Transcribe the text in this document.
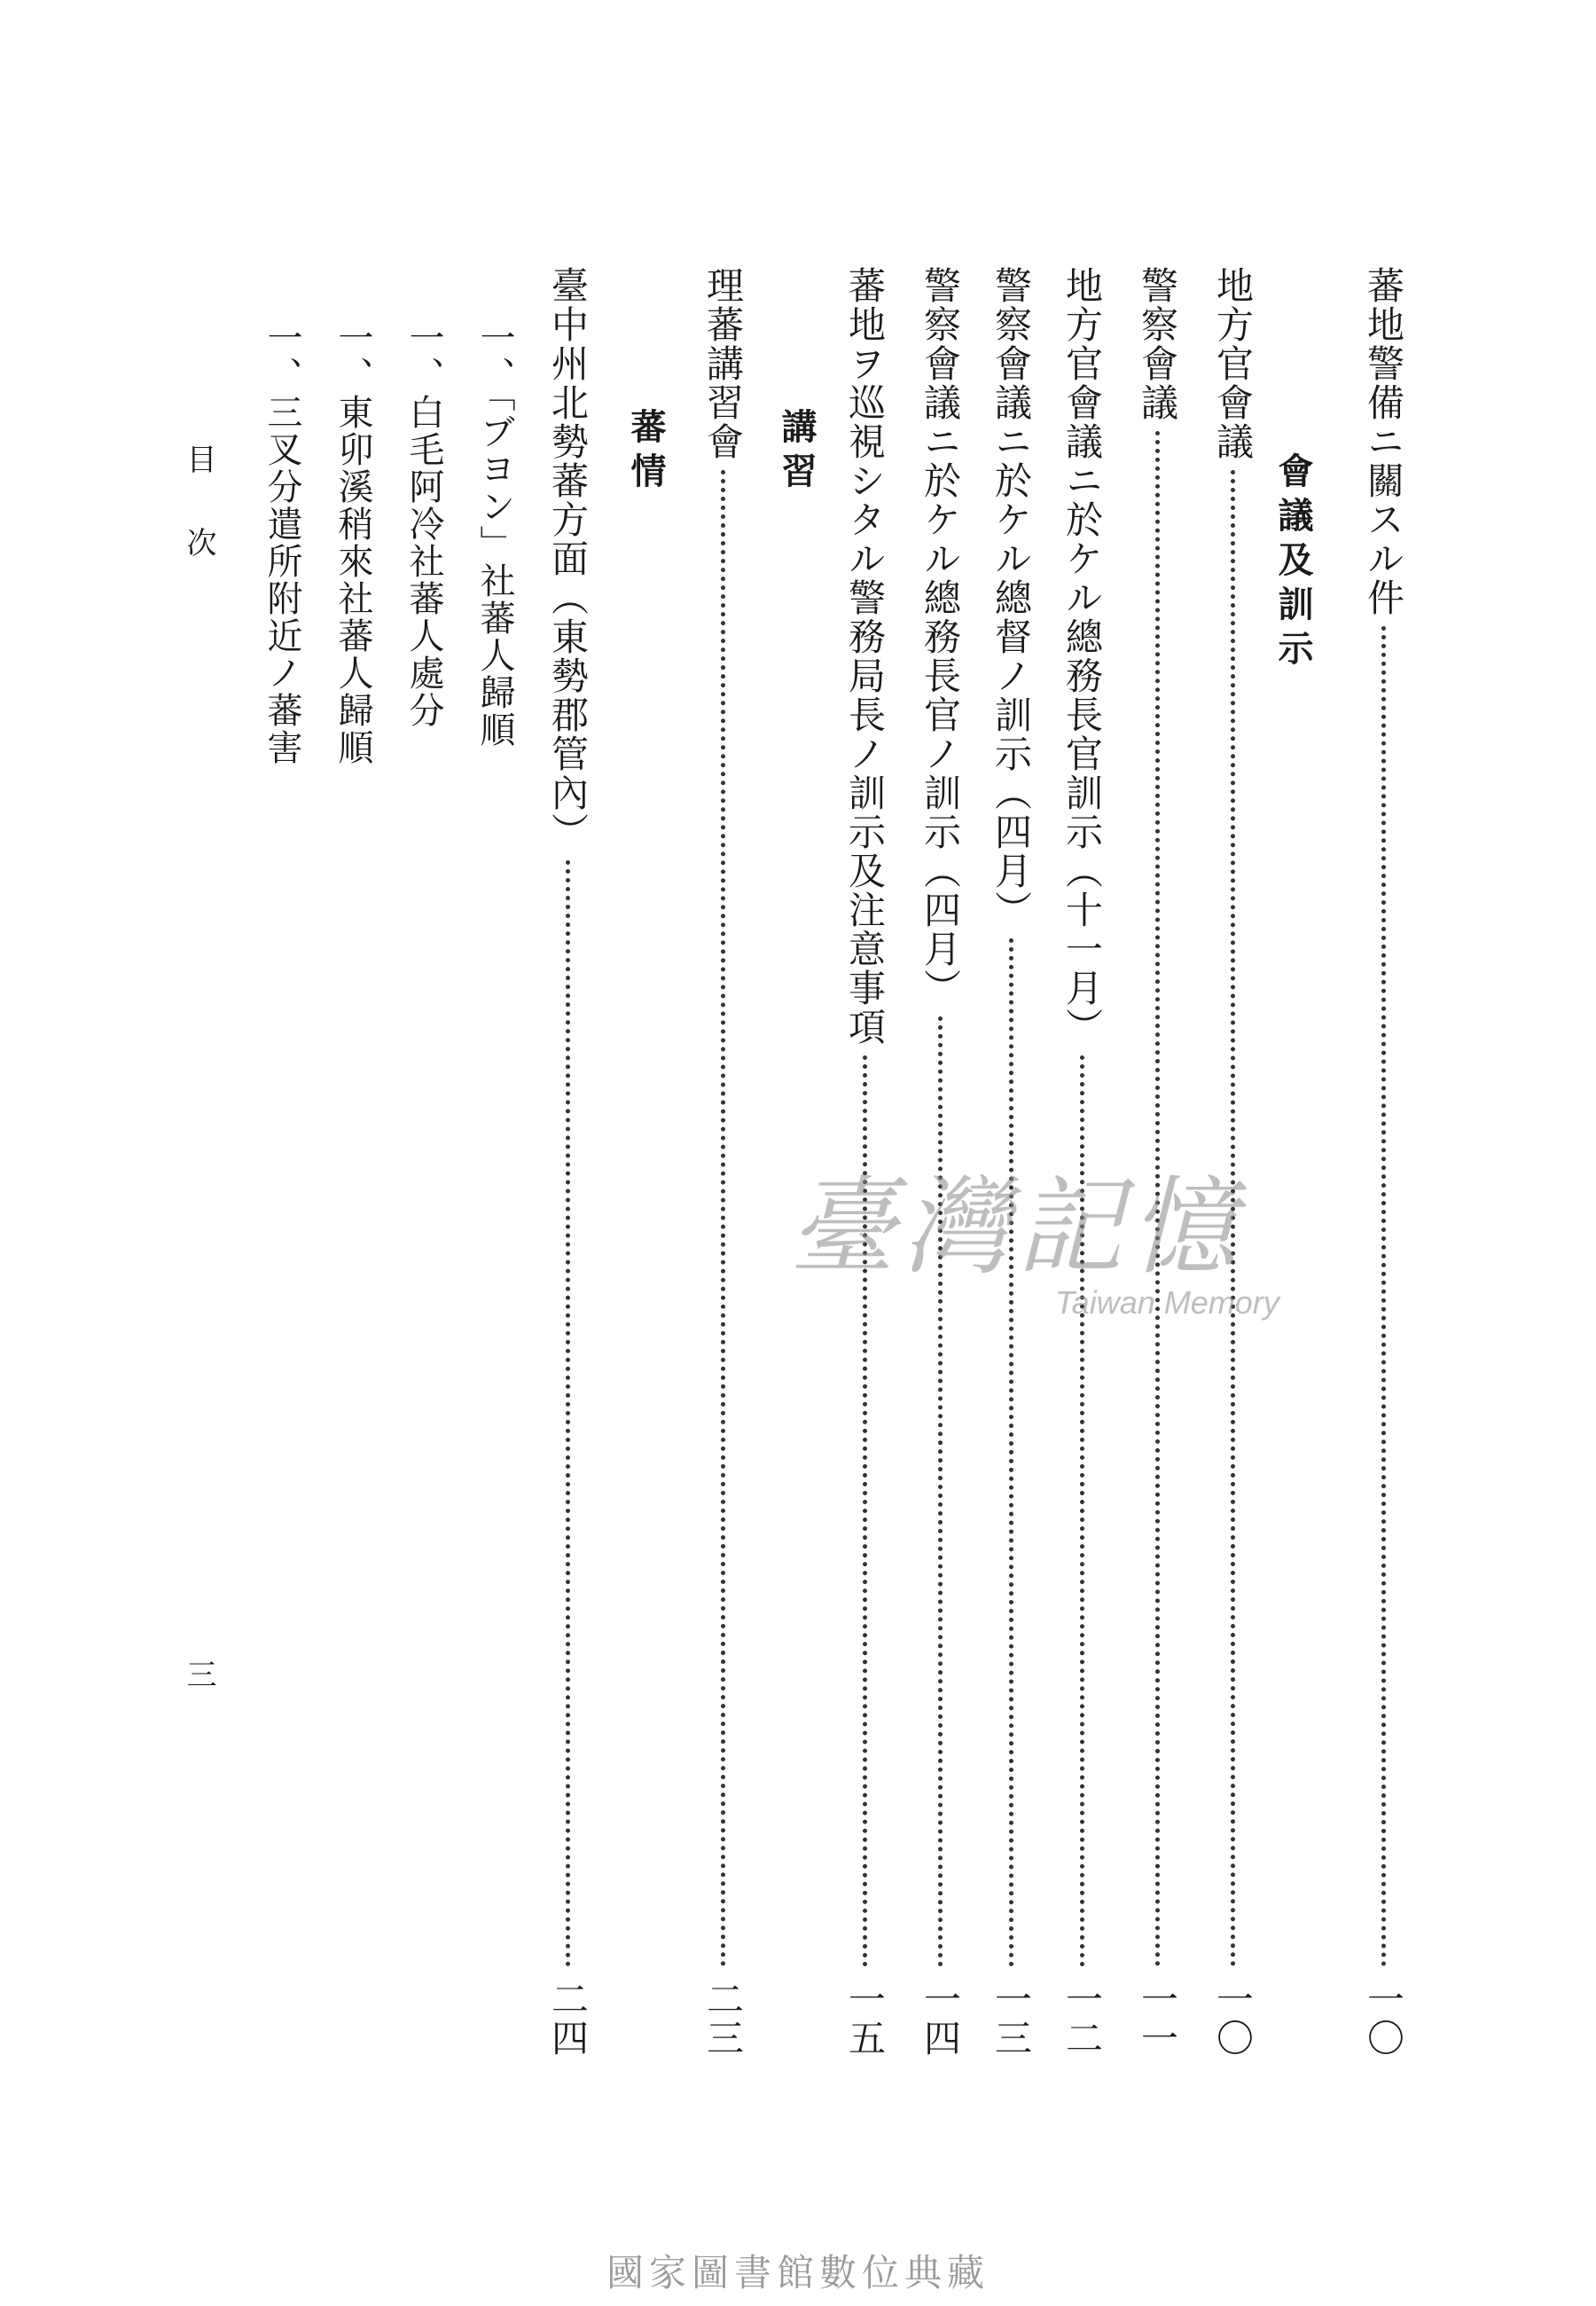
蕃地警備ニ關スル件
一〇
會議及訓示
地方官會議
一〇
警察會議
一一
地方官會議ニ於ケル總務長官訓示（十一月）
一二
警察會議ニ於ケル總督ノ訓示（四月）
一三
警察會議ニ於ケル總務長官ノ訓示（四月）
一四
蕃地ヲ巡視シタル警務局長ノ訓示及注意事項
一五
講習
理蕃講習會
二三
蕃情
臺中州北勢蕃方面（東勢郡管內）
二四
一、「ブヨン」社蕃人歸順
一、白毛阿冷社蕃人處分
一、東卯溪稍來社蕃人歸順
一、三叉分遣所附近ノ蕃害
目次
三
臺灣記憶
Taiwan Memory
國家圖書館數位典藏
